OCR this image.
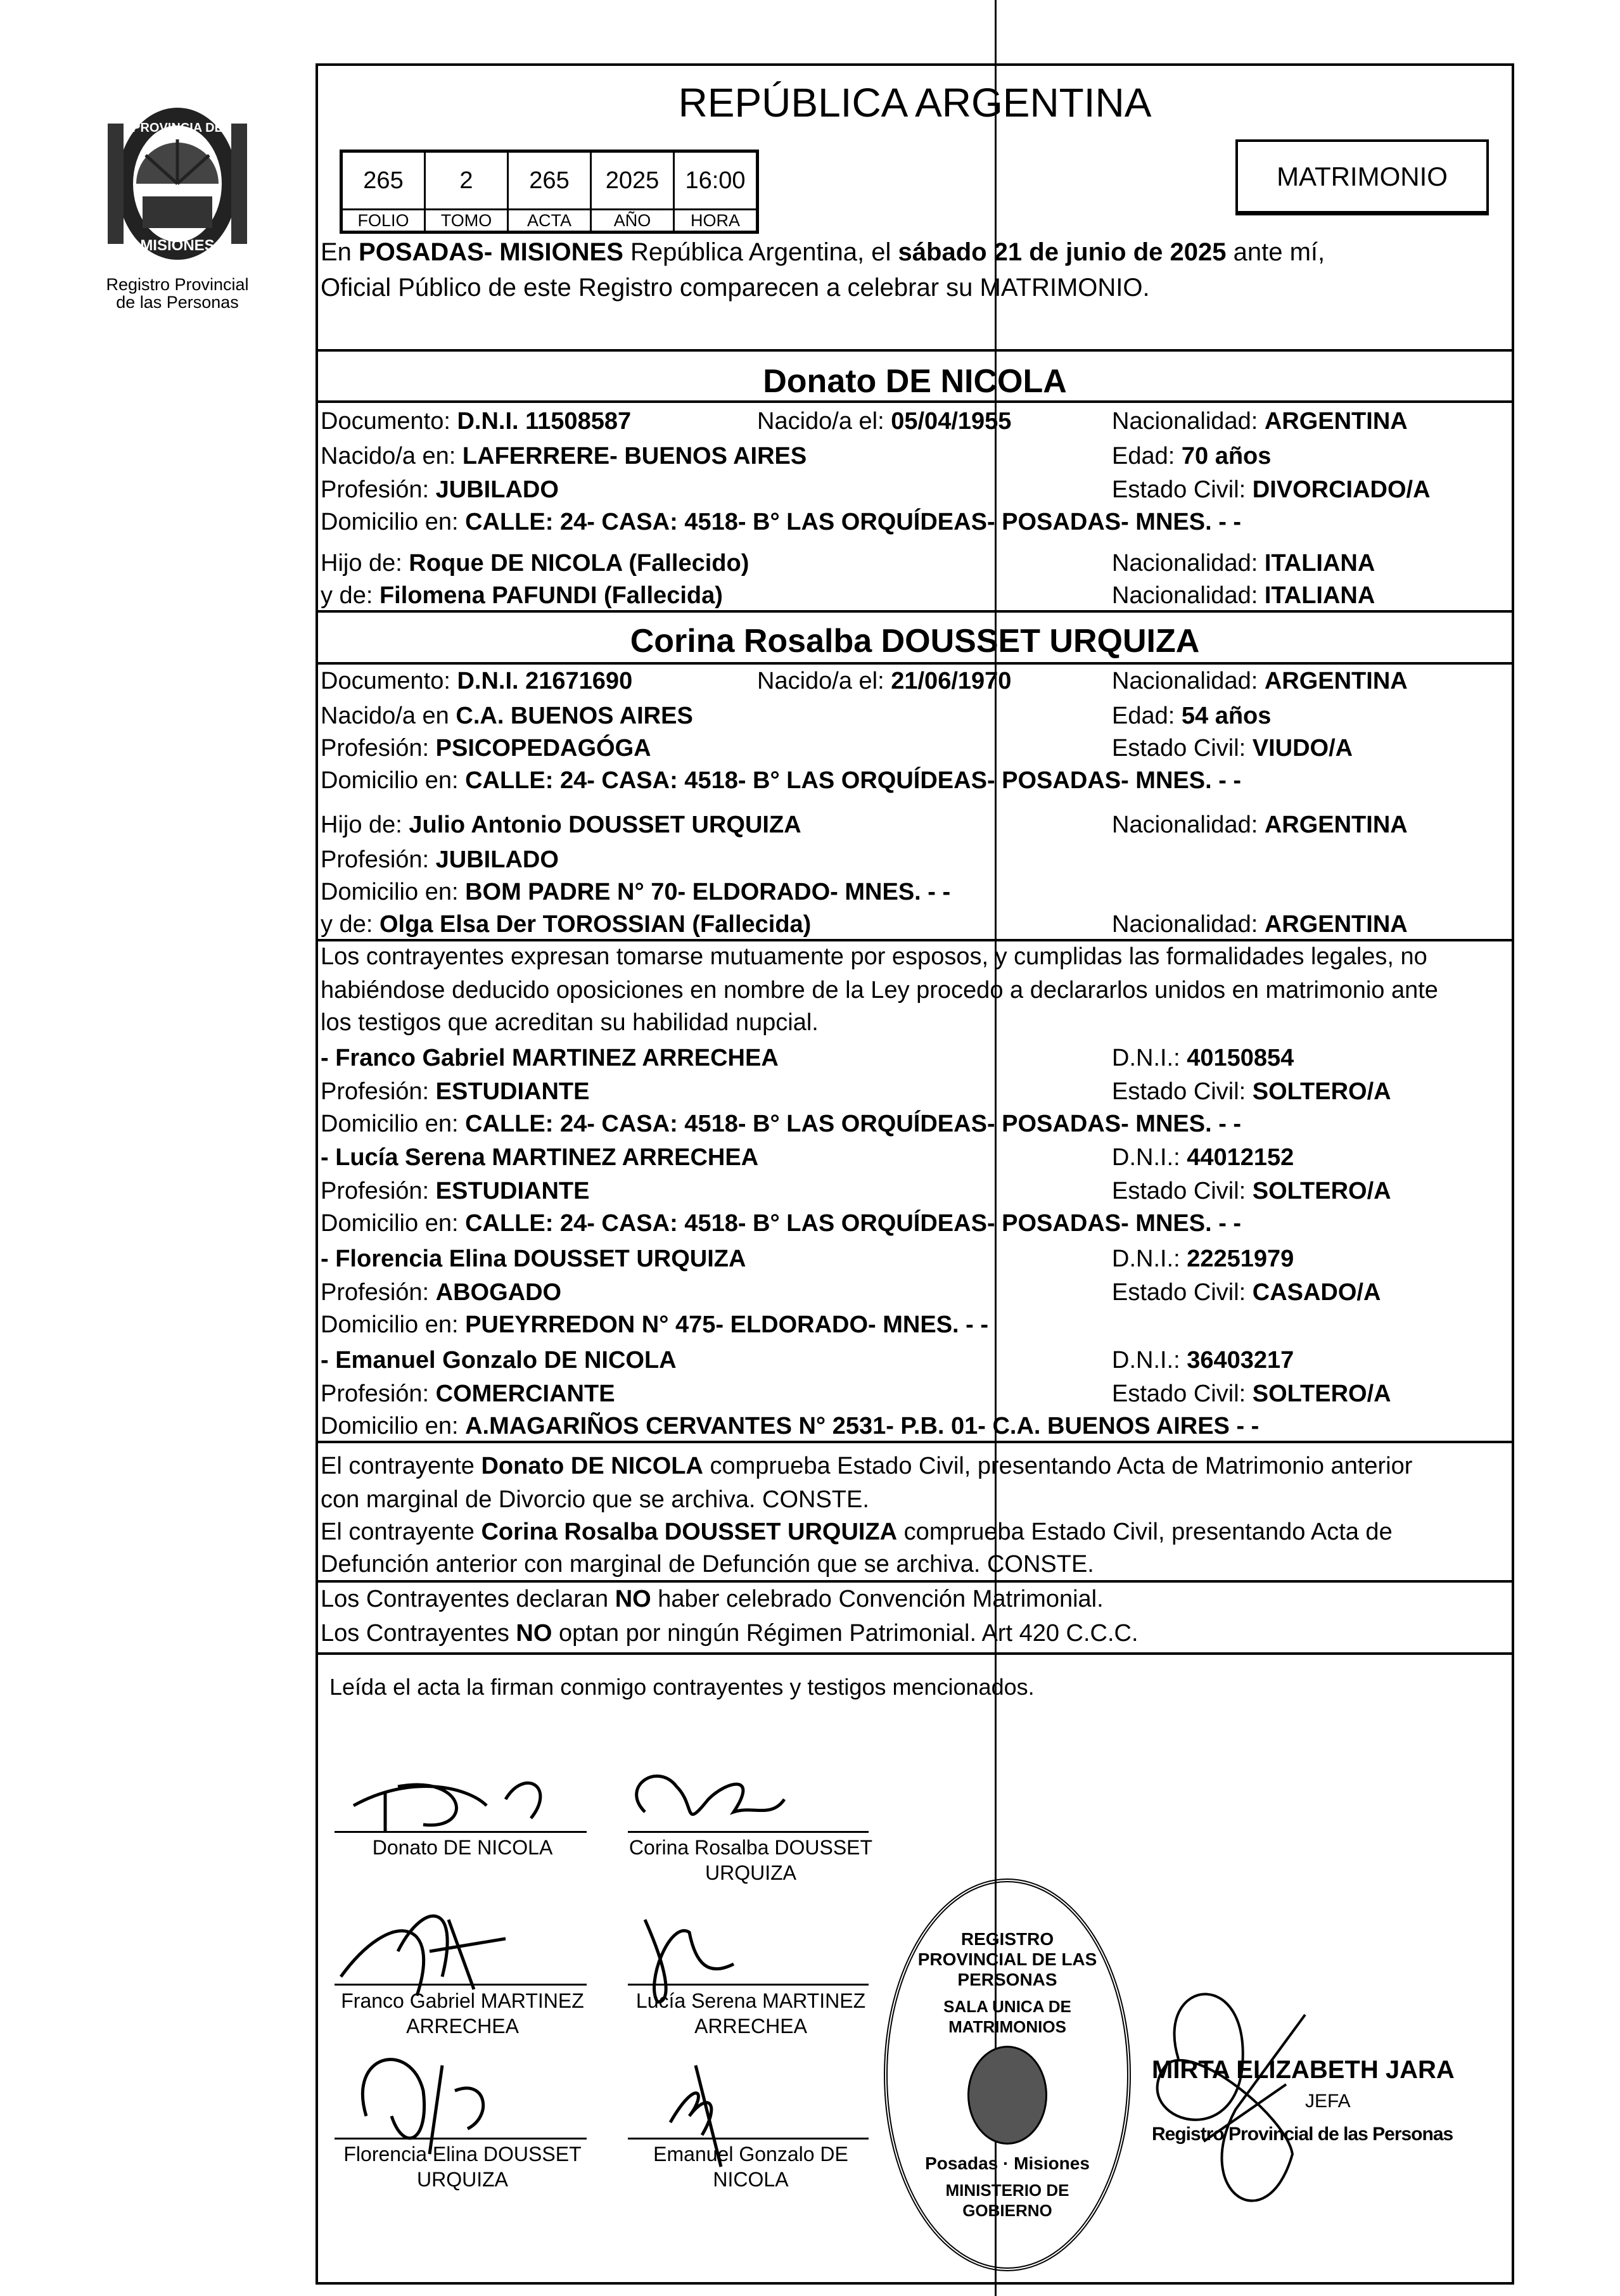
PROVINCIA DE
MISIONES
Registro Provincial
de las Personas
REPÚBLICA ARGENTINA
265	2	265	2025	16:00
FOLIO	TOMO	ACTA	AÑO	HORA
MATRIMONIO
En POSADAS- MISIONES República Argentina, el sábado 21 de junio de 2025 ante mí,
Oficial Público de este Registro comparecen a celebrar su MATRIMONIO.
Donato DE NICOLA
Documento: D.N.I. 11508587	Nacido/a el: 05/04/1955	Nacionalidad: ARGENTINA
Nacido/a en: LAFERRERE- BUENOS AIRES	Edad: 70 años
Profesión: JUBILADO	Estado Civil: DIVORCIADO/A
Domicilio en: CALLE: 24- CASA: 4518- B° LAS ORQUÍDEAS- POSADAS- MNES. - -
Hijo de: Roque DE NICOLA (Fallecido)	Nacionalidad: ITALIANA
y de: Filomena PAFUNDI (Fallecida)	Nacionalidad: ITALIANA
Corina Rosalba DOUSSET URQUIZA
Documento: D.N.I. 21671690	Nacido/a el: 21/06/1970	Nacionalidad: ARGENTINA
Nacido/a en C.A. BUENOS AIRES	Edad: 54 años
Profesión: PSICOPEDAGÓGA	Estado Civil: VIUDO/A
Domicilio en: CALLE: 24- CASA: 4518- B° LAS ORQUÍDEAS- POSADAS- MNES. - -
Hijo de: Julio Antonio DOUSSET URQUIZA	Nacionalidad: ARGENTINA
Profesión: JUBILADO
Domicilio en: BOM PADRE N° 70- ELDORADO- MNES. - -
y de: Olga Elsa Der TOROSSIAN (Fallecida)	Nacionalidad: ARGENTINA
Los contrayentes expresan tomarse mutuamente por esposos, y cumplidas las formalidades legales, no
habiéndose deducido oposiciones en nombre de la Ley procedo a declararlos unidos en matrimonio ante
los testigos que acreditan su habilidad nupcial.
- Franco Gabriel MARTINEZ ARRECHEA	D.N.I.: 40150854
Profesión: ESTUDIANTE	Estado Civil: SOLTERO/A
Domicilio en: CALLE: 24- CASA: 4518- B° LAS ORQUÍDEAS- POSADAS- MNES. - -
- Lucía Serena MARTINEZ ARRECHEA	D.N.I.: 44012152
Profesión: ESTUDIANTE	Estado Civil: SOLTERO/A
Domicilio en: CALLE: 24- CASA: 4518- B° LAS ORQUÍDEAS- POSADAS- MNES. - -
- Florencia Elina DOUSSET URQUIZA	D.N.I.: 22251979
Profesión: ABOGADO	Estado Civil: CASADO/A
Domicilio en: PUEYRREDON N° 475- ELDORADO- MNES. - -
- Emanuel Gonzalo DE NICOLA	D.N.I.: 36403217
Profesión: COMERCIANTE	Estado Civil: SOLTERO/A
Domicilio en: A.MAGARIÑOS CERVANTES N° 2531- P.B. 01- C.A. BUENOS AIRES - -
El contrayente Donato DE NICOLA comprueba Estado Civil, presentando Acta de Matrimonio anterior
con marginal de Divorcio que se archiva. CONSTE.
El contrayente Corina Rosalba DOUSSET URQUIZA comprueba Estado Civil, presentando Acta de
Defunción anterior con marginal de Defunción que se archiva. CONSTE.
Los Contrayentes declaran NO haber celebrado Convención Matrimonial.
Los Contrayentes NO optan por ningún Régimen Patrimonial. Art 420 C.C.C.
Leída el acta la firman conmigo contrayentes y testigos mencionados.
Donato DE NICOLA	Corina Rosalba DOUSSET
URQUIZA
Franco Gabriel MARTINEZ
ARRECHEA
Lucía Serena MARTINEZ
ARRECHEA
Florencia Elina DOUSSET
URQUIZA
Emanuel Gonzalo DE
NICOLA
REGISTRO PROVINCIAL DE LAS PERSONAS
SALA UNICA DE MATRIMONIOS
Posadas · Misiones
MINISTERIO DE GOBIERNO
MIRTA ELIZABETH JARA
JEFA
Registro Provincial de las Personas
